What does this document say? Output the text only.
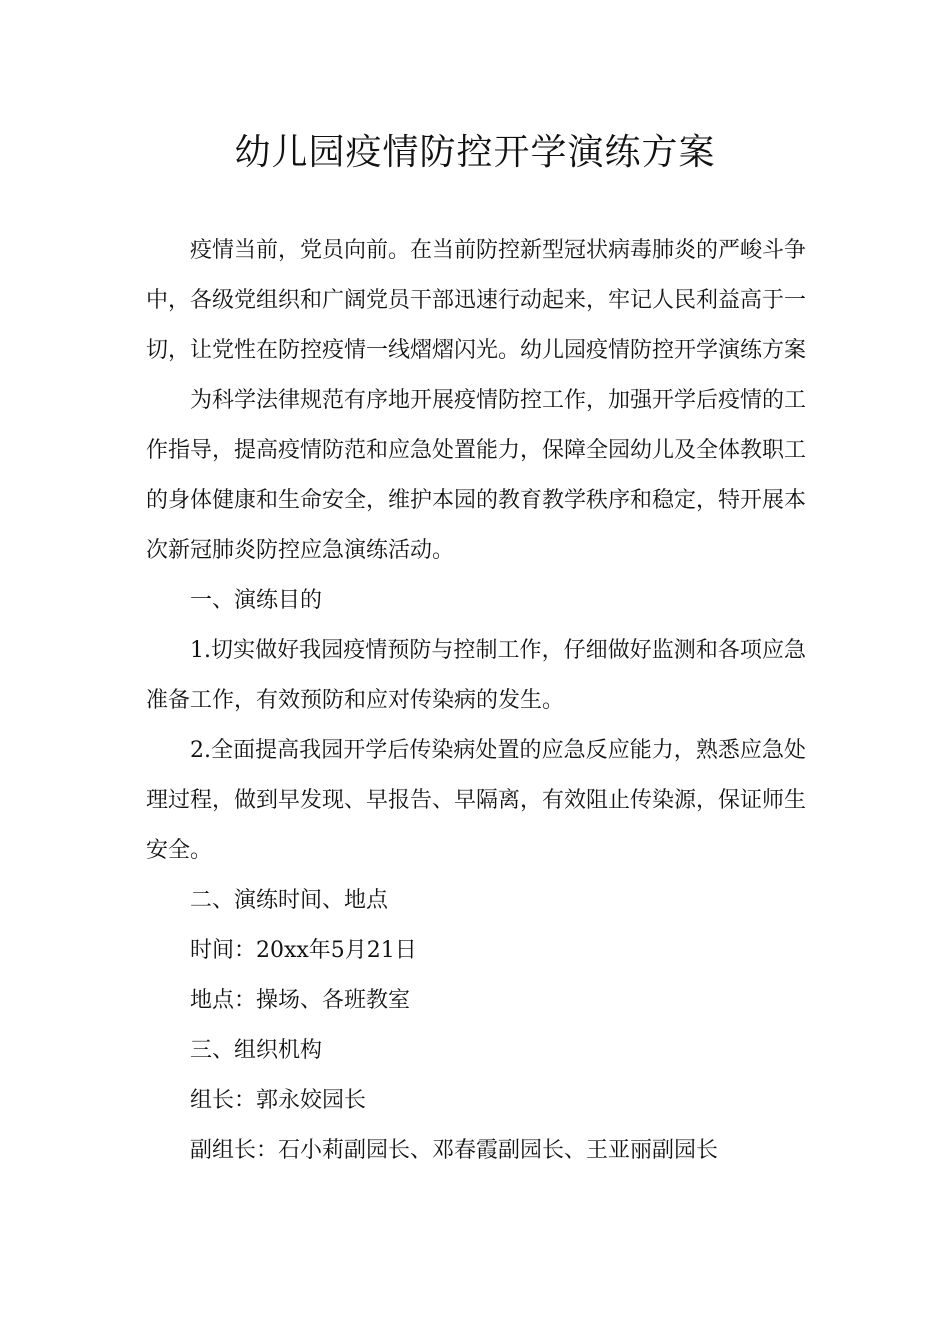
幼儿园疫情防控开学演练方案

疫情当前，党员向前。在当前防控新型冠状病毒肺炎的严峻斗争中，各级党组织和广阔党员干部迅速行动起来，牢记人民利益高于一切，让党性在防控疫情一线熠熠闪光。幼儿园疫情防控开学演练方案

为科学法律规范有序地开展疫情防控工作，加强开学后疫情的工作指导，提高疫情防范和应急处置能力，保障全园幼儿及全体教职工的身体健康和生命安全，维护本园的教育教学秩序和稳定，特开展本次新冠肺炎防控应急演练活动。

一、演练目的

1.切实做好我园疫情预防与控制工作，仔细做好监测和各项应急准备工作，有效预防和应对传染病的发生。

2.全面提高我园开学后传染病处置的应急反应能力，熟悉应急处理过程，做到早发现、早报告、早隔离，有效阻止传染源，保证师生安全。

二、演练时间、地点

时间：20xx年5月21日

地点：操场、各班教室

三、组织机构

组长：郭永姣园长

副组长：石小莉副园长、邓春霞副园长、王亚丽副园长
